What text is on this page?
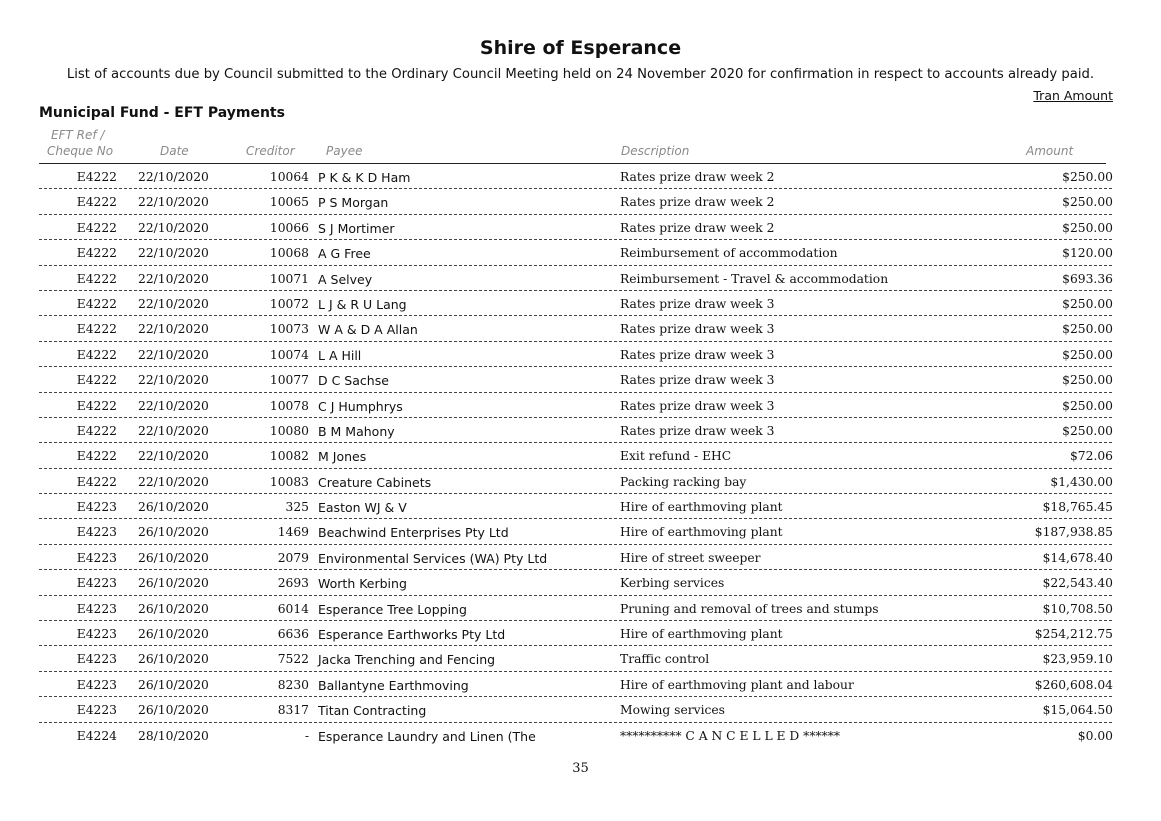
Shire of Esperance
List of accounts due by Council submitted to the Ordinary Council Meeting held on 24 November 2020 for confirmation in respect to accounts already paid.
Tran Amount
Municipal Fund - EFT Payments
EFT Ref /
Cheque No	Date	Creditor	Payee	Description	Amount
E4222 22/10/2020	10064 P K & K D Ham	Rates prize draw week 2	$250.00
E4222 22/10/2020	10065 P S Morgan	Rates prize draw week 2	$250.00
E4222 22/10/2020	10066 S J Mortimer	Rates prize draw week 2	$250.00
E4222 22/10/2020	10068 A G Free	Reimbursement of accommodation	$120.00
E4222 22/10/2020	10071 A Selvey	Reimbursement - Travel & accommodation	$693.36
E4222 22/10/2020	10072 L J & R U Lang	Rates prize draw week 3	$250.00
E4222 22/10/2020	10073 W A & D A Allan	Rates prize draw week 3	$250.00
E4222 22/10/2020	10074 L A Hill	Rates prize draw week 3	$250.00
E4222 22/10/2020	10077 D C Sachse	Rates prize draw week 3	$250.00
E4222 22/10/2020	10078 C J Humphrys	Rates prize draw week 3	$250.00
E4222 22/10/2020	10080 B M Mahony	Rates prize draw week 3	$250.00
E4222 22/10/2020	10082 M Jones	Exit refund - EHC	$72.06
E4222 22/10/2020	10083 Creature Cabinets	Packing racking bay	$1,430.00
E4223 26/10/2020	325 Easton WJ & V	Hire of earthmoving plant	$18,765.45
E4223 26/10/2020	1469 Beachwind Enterprises Pty Ltd	Hire of earthmoving plant	$187,938.85
E4223 26/10/2020	2079 Environmental Services (WA) Pty Ltd	Hire of street sweeper	$14,678.40
E4223 26/10/2020	2693 Worth Kerbing	Kerbing services	$22,543.40
E4223 26/10/2020	6014 Esperance Tree Lopping	Pruning and removal of trees and stumps	$10,708.50
E4223 26/10/2020	6636 Esperance Earthworks Pty Ltd	Hire of earthmoving plant	$254,212.75
E4223 26/10/2020	7522 Jacka Trenching and Fencing	Traffic control	$23,959.10
E4223 26/10/2020	8230 Ballantyne Earthmoving	Hire of earthmoving plant and labour	$260,608.04
E4223 26/10/2020	8317 Titan Contracting	Mowing services	$15,064.50
E4224 28/10/2020	- Esperance Laundry and Linen (The	********** C A N C E L L E D ******	$0.00
35
